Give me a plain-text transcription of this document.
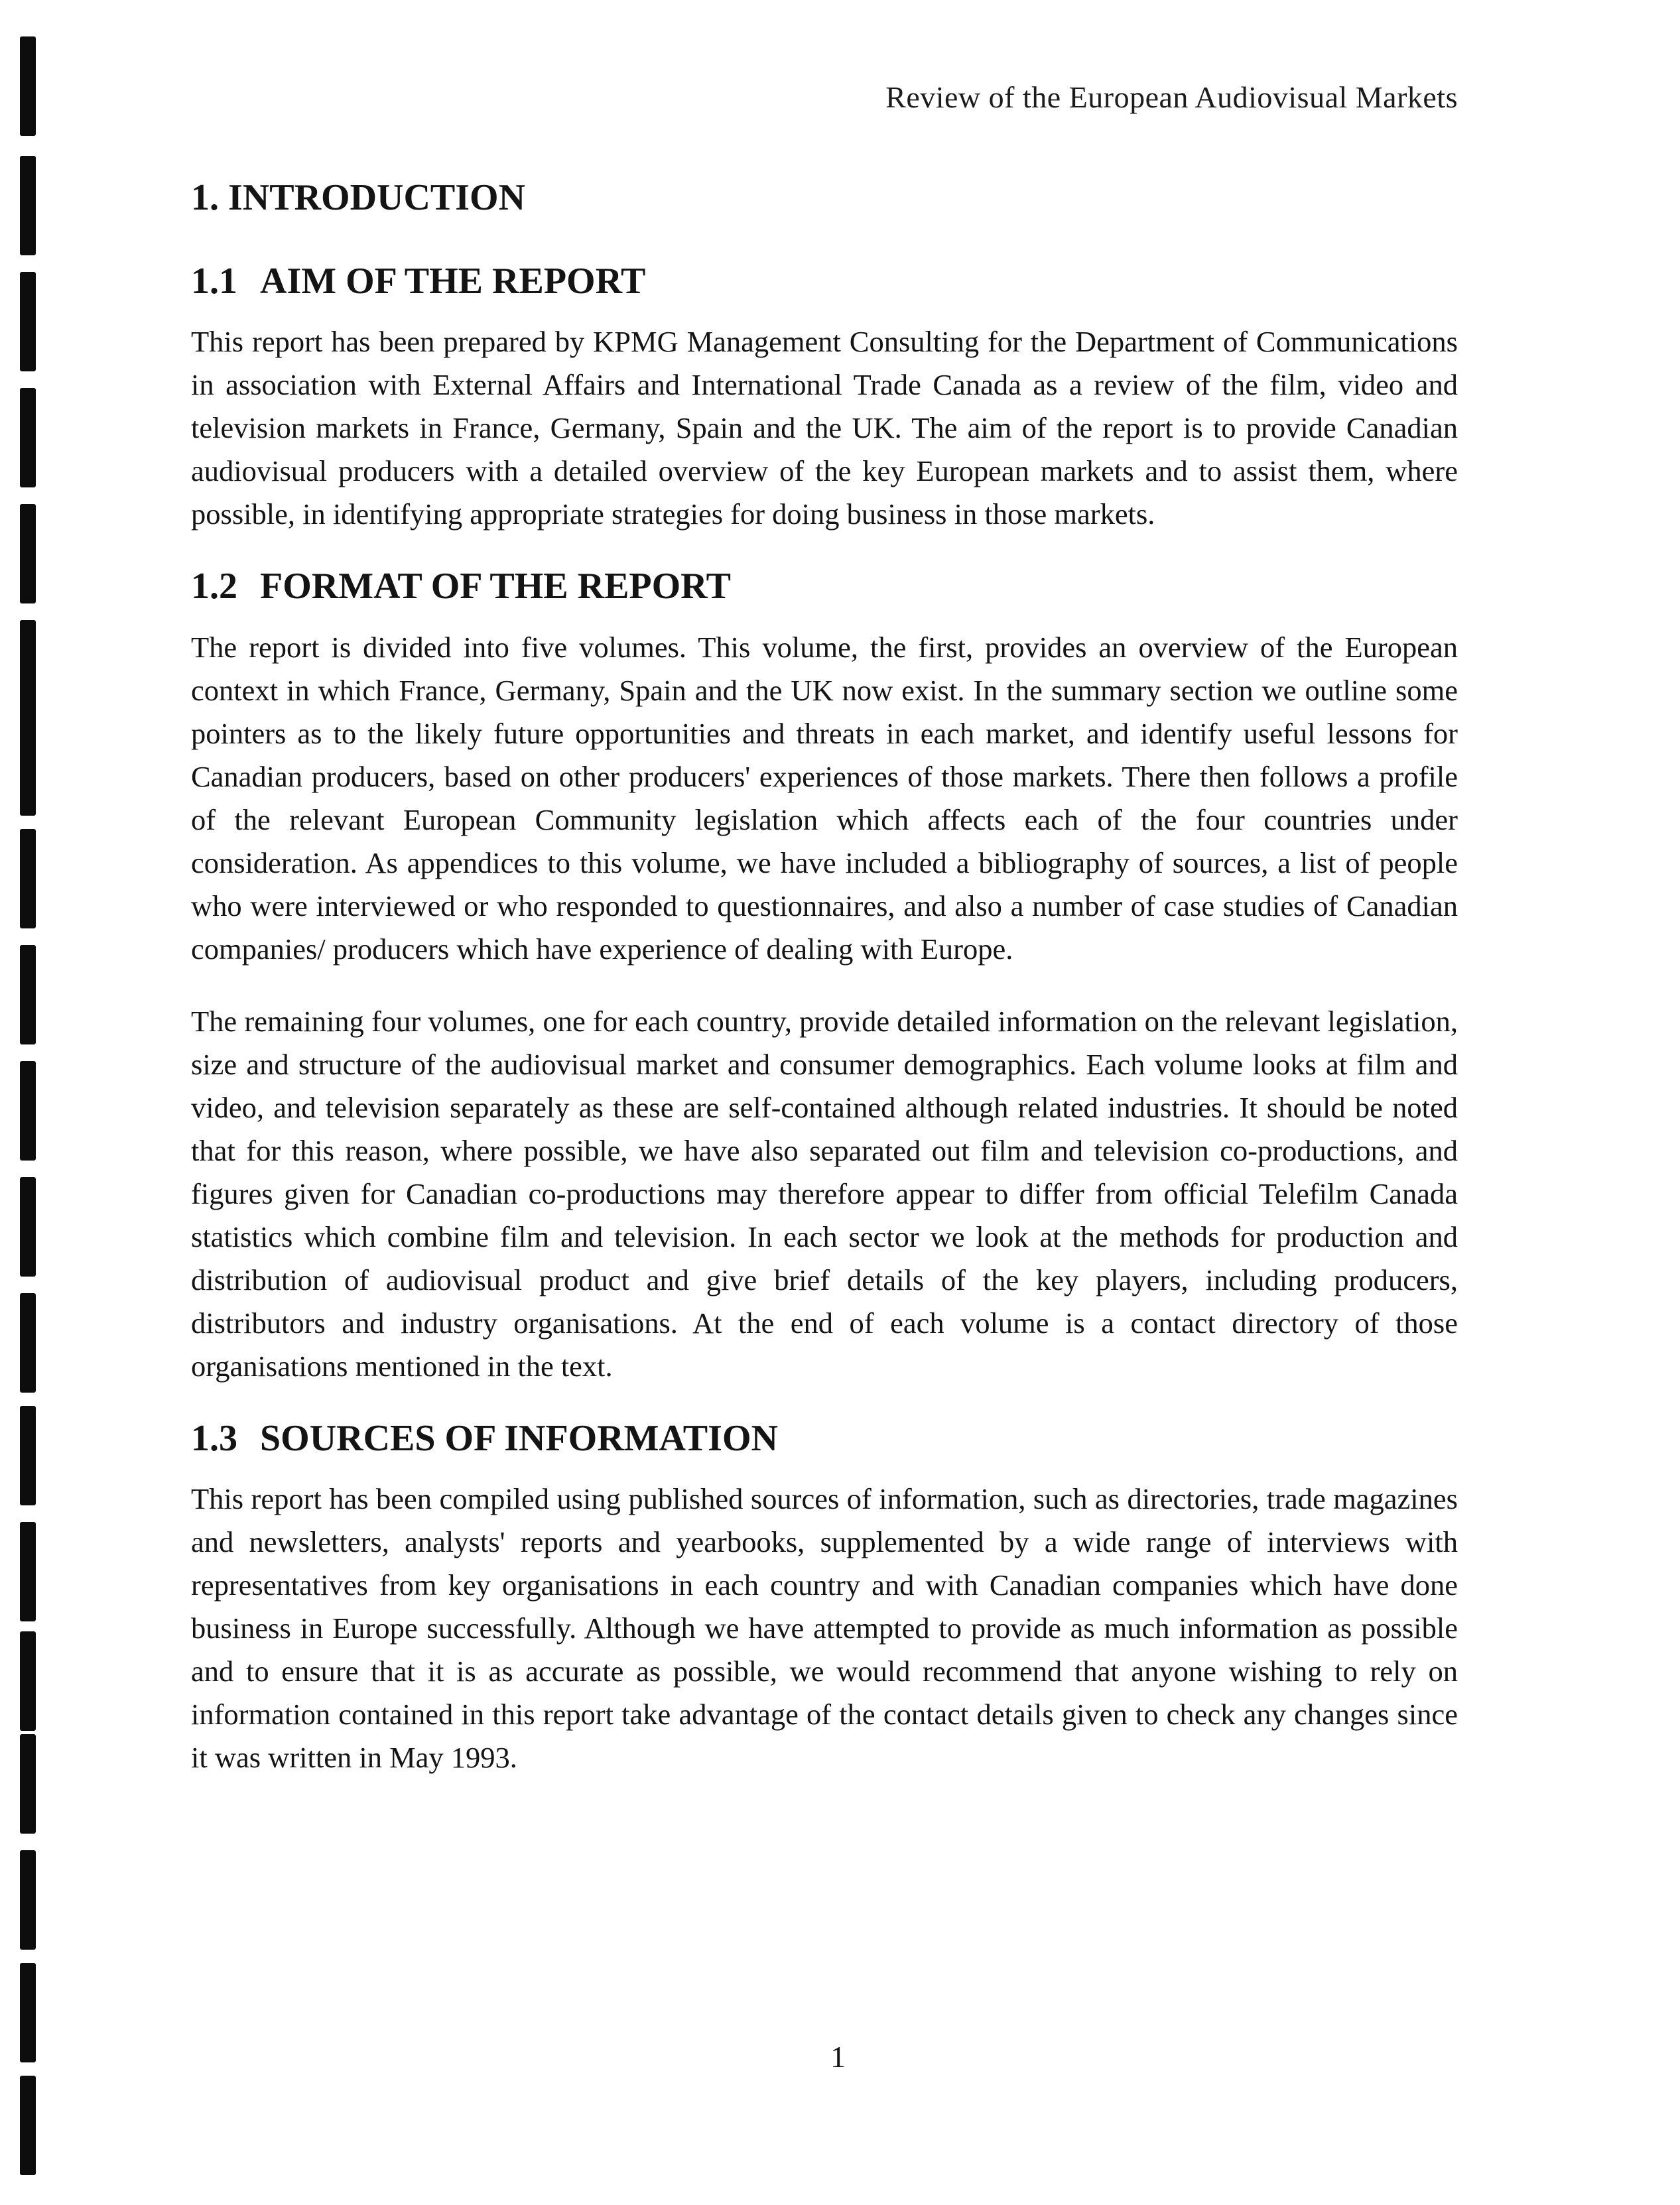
Review of the European Audiovisual Markets
1. INTRODUCTION
1.1 AIM OF THE REPORT

This report has been prepared by KPMG Management Consulting for the Department of Communications in association with External Affairs and International Trade Canada as a review of the film, video and television markets in France, Germany, Spain and the UK. The aim of the report is to provide Canadian audiovisual producers with a detailed overview of the key European markets and to assist them, where possible, in identifying appropriate strategies for doing business in those markets.

1.2 FORMAT OF THE REPORT

The report is divided into five volumes. This volume, the first, provides an overview of the European context in which France, Germany, Spain and the UK now exist. In the summary section we outline some pointers as to the likely future opportunities and threats in each market, and identify useful lessons for Canadian producers, based on other producers' experiences of those markets. There then follows a profile of the relevant European Community legislation which affects each of the four countries under consideration. As appendices to this volume, we have included a bibliography of sources, a list of people who were interviewed or who responded to questionnaires, and also a number of case studies of Canadian companies/ producers which have experience of dealing with Europe.

The remaining four volumes, one for each country, provide detailed information on the relevant legislation, size and structure of the audiovisual market and consumer demographics. Each volume looks at film and video, and television separately as these are self-contained although related industries. It should be noted that for this reason, where possible, we have also separated out film and television co-productions, and figures given for Canadian co-productions may therefore appear to differ from official Telefilm Canada statistics which combine film and television. In each sector we look at the methods for production and distribution of audiovisual product and give brief details of the key players, including producers, distributors and industry organisations. At the end of each volume is a contact directory of those organisations mentioned in the text.

1.3 SOURCES OF INFORMATION

This report has been compiled using published sources of information, such as directories, trade magazines and newsletters, analysts' reports and yearbooks, supplemented by a wide range of interviews with representatives from key organisations in each country and with Canadian companies which have done business in Europe successfully. Although we have attempted to provide as much information as possible and to ensure that it is as accurate as possible, we would recommend that anyone wishing to rely on information contained in this report take advantage of the contact details given to check any changes since it was written in May 1993.

1
